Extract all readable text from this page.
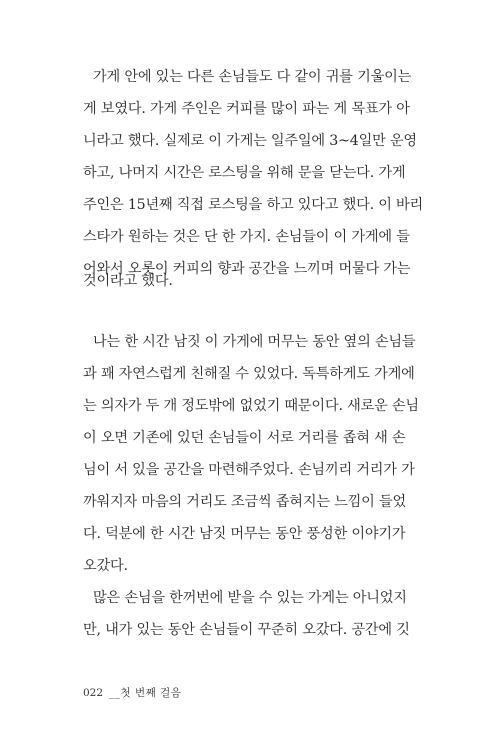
가게 안에 있는 다른 손님들도 다 같이 귀를 기울이는
게 보였다. 가게 주인은 커피를 많이 파는 게 목표가 아
니라고 했다. 실제로 이 가게는 일주일에 3~4일만 운영
하고, 나머지 시간은 로스팅을 위해 문을 닫는다. 가게
주인은 15년째 직접 로스팅을 하고 있다고 했다. 이 바리
스타가 원하는 것은 단 한 가지. 손님들이 이 가게에 들
어와서 오롯이 커피의 향과 공간을 느끼며 머물다 가는
것이라고 했다.
나는 한 시간 남짓 이 가게에 머무는 동안 옆의 손님들
과 꽤 자연스럽게 친해질 수 있었다. 독특하게도 가게에
는 의자가 두 개 정도밖에 없었기 때문이다. 새로운 손님
이 오면 기존에 있던 손님들이 서로 거리를 좁혀 새 손
님이 서 있을 공간을 마련해주었다. 손님끼리 거리가 가
까워지자 마음의 거리도 조금씩 좁혀지는 느낌이 들었
다. 덕분에 한 시간 남짓 머무는 동안 풍성한 이야기가
오갔다.
많은 손님을 한꺼번에 받을 수 있는 가게는 아니었지
만, 내가 있는 동안 손님들이 꾸준히 오갔다. 공간에 깃
022 __첫 번째 걸음
